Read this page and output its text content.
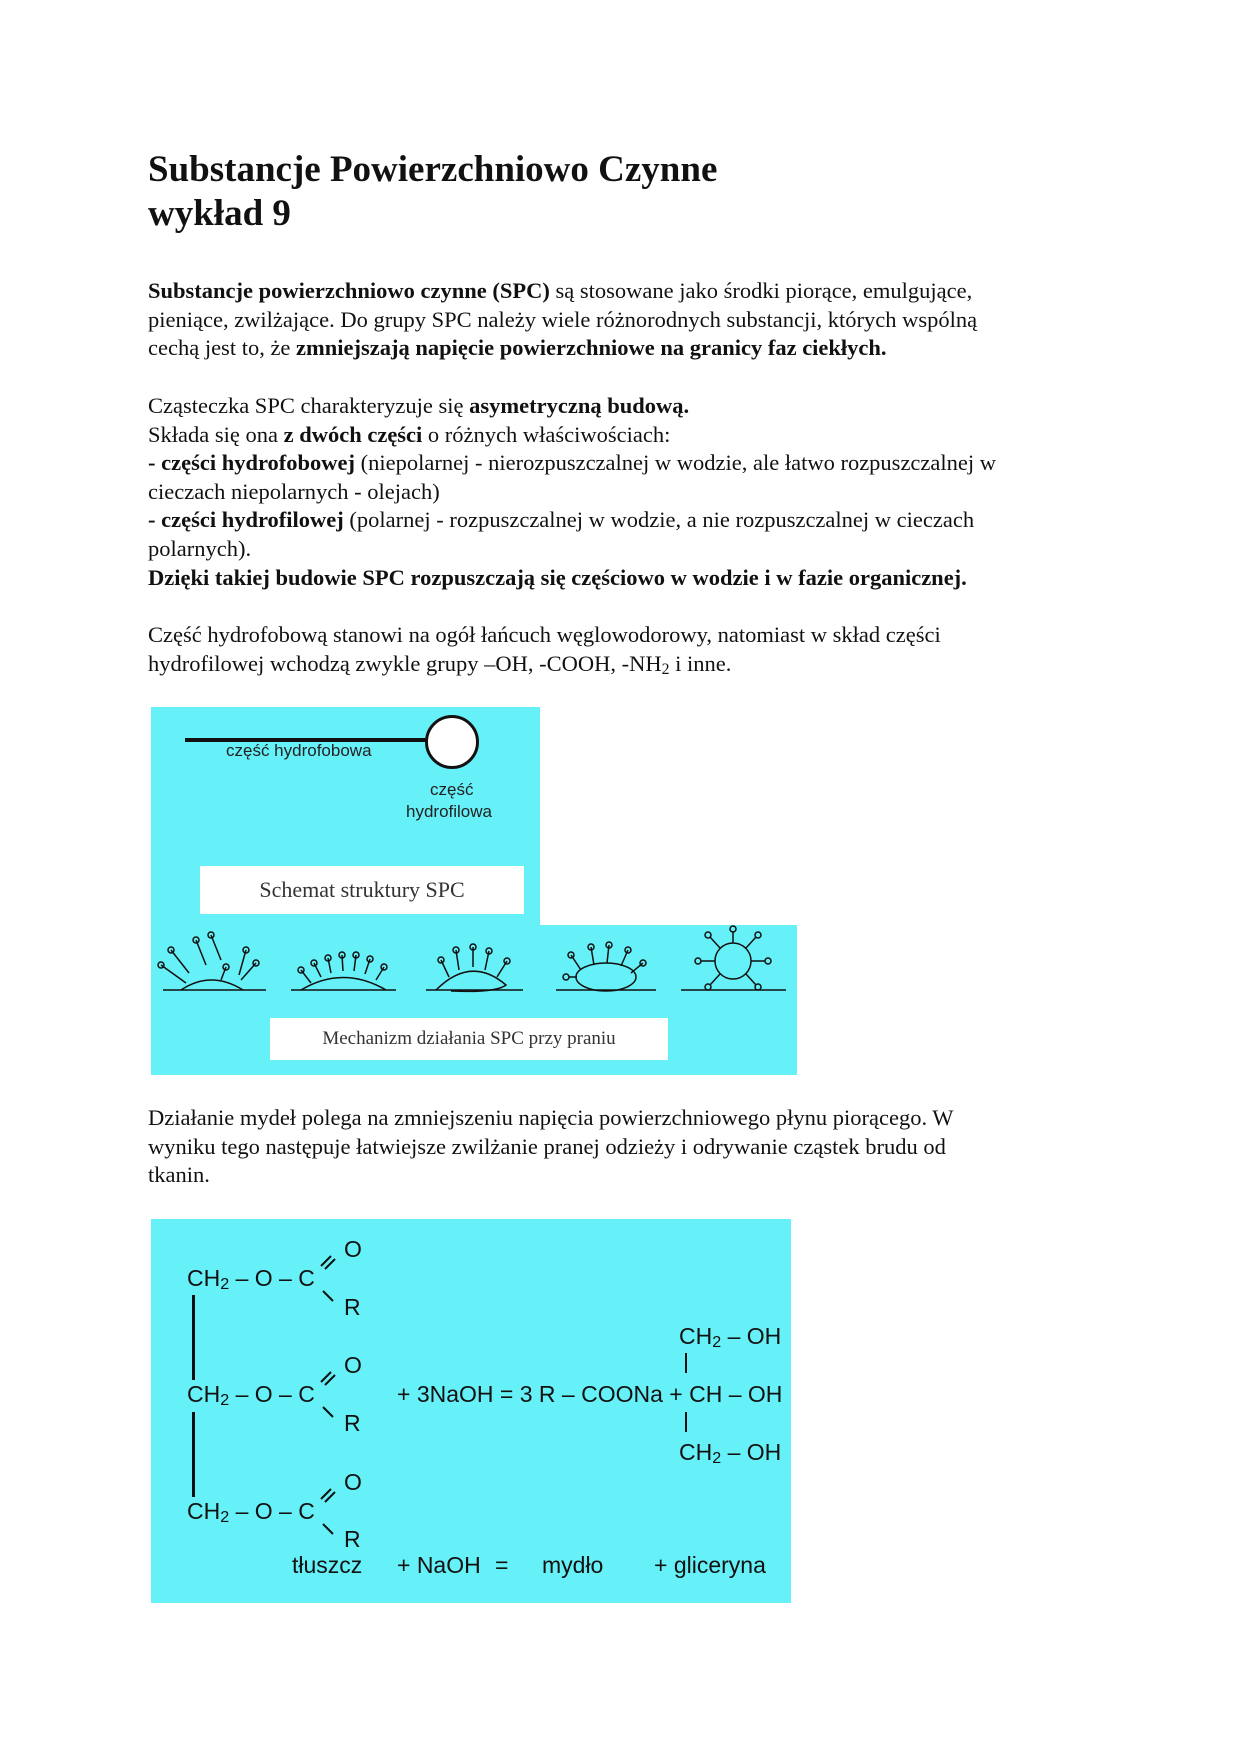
Substancje Powierzchniowo Czynne
wykład 9
Substancje powierzchniowo czynne (SPC) są stosowane jako środki piorące, emulgujące,
pieniące, zwilżające. Do grupy SPC należy wiele różnorodnych substancji, których wspólną
cechą jest to, że zmniejszają napięcie powierzchniowe na granicy faz ciekłych.
Cząsteczka SPC charakteryzuje się asymetryczną budową.
Składa się ona z dwóch części o różnych właściwościach:
- części hydrofobowej (niepolarnej - nierozpuszczalnej w wodzie, ale łatwo rozpuszczalnej w
cieczach niepolarnych - olejach)
- części hydrofilowej (polarnej - rozpuszczalnej w wodzie, a nie rozpuszczalnej w cieczach
polarnych).
Dzięki takiej budowie SPC rozpuszczają się częściowo w wodzie i w fazie organicznej.
Część hydrofobową stanowi na ogół łańcuch węglowodorowy, natomiast w skład części
hydrofilowej wchodzą zwykle grupy –OH, -COOH, $-NH_2$ i inne.
część hydrofobowa
część
hydrofilowa
Schemat struktury SPC
Mechanizm działania SPC przy praniu
Działanie mydeł polega na zmniejszeniu napięcia powierzchniowego płynu piorącego. W
wyniku tego następuje łatwiejsze zwilżanie pranej odzieży i odrywanie cząstek brudu od
tkanin.
$CH_2$ – O – C
O
R
$CH_2$ – O – C
O
R
$CH_2$ – O – C
O
R
+ 3NaOH = 3 R – COONa + CH – OH
$CH_2$ – OH
$CH_2$ – OH
tłuszcz + NaOH = mydło + gliceryna
